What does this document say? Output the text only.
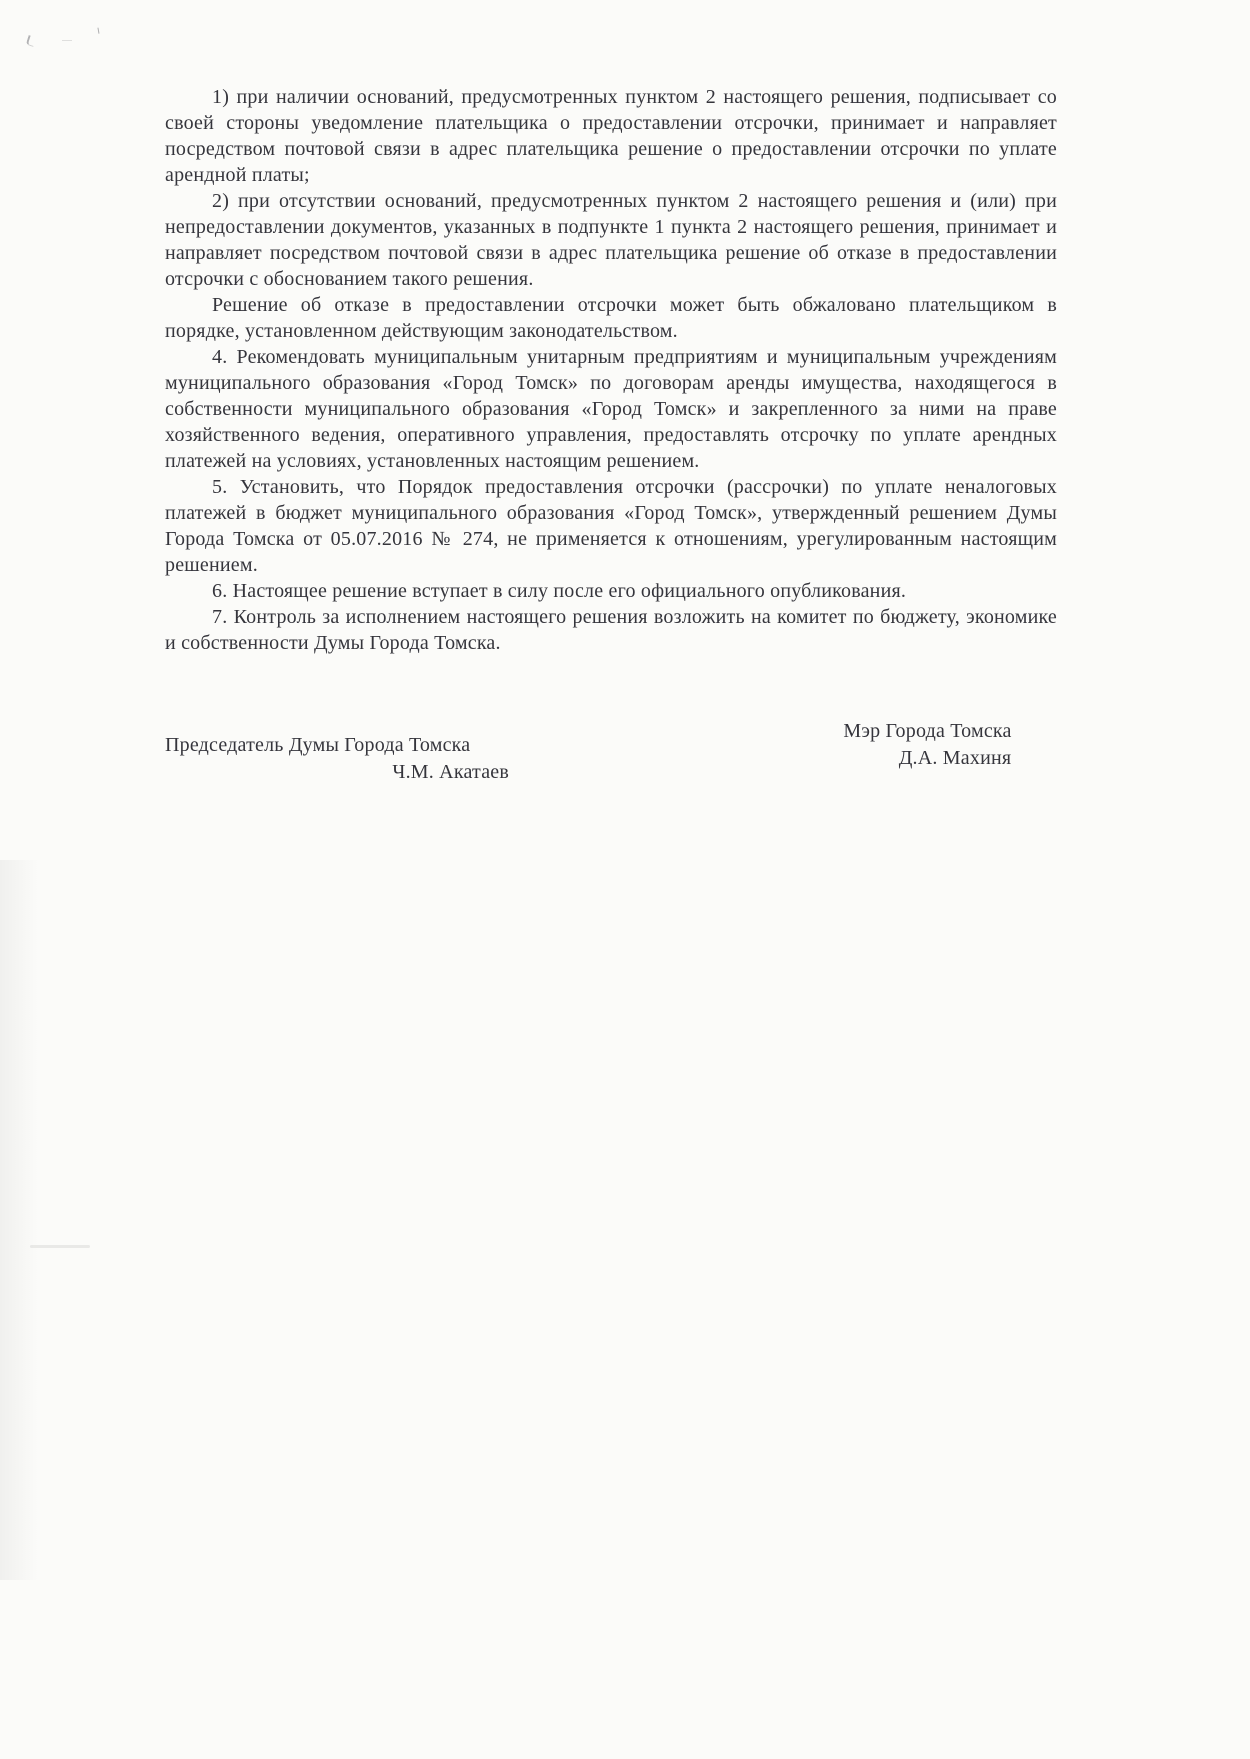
1) при наличии оснований, предусмотренных пунктом 2 настоящего решения, подписывает со своей стороны уведомление плательщика о предоставлении отсрочки, принимает и направляет посредством почтовой связи в адрес плательщика решение о предоставлении отсрочки по уплате арендной платы;

2) при отсутствии оснований, предусмотренных пунктом 2 настоящего решения и (или) при непредоставлении документов, указанных в подпункте 1 пункта 2 настоящего решения, принимает и направляет посредством почтовой связи в адрес плательщика решение об отказе в предоставлении отсрочки с обоснованием такого решения.

Решение об отказе в предоставлении отсрочки может быть обжаловано плательщиком в порядке, установленном действующим законодательством.

4. Рекомендовать муниципальным унитарным предприятиям и муниципальным учреждениям муниципального образования «Город Томск» по договорам аренды имущества, находящегося в собственности муниципального образования «Город Томск» и закрепленного за ними на праве хозяйственного ведения, оперативного управления, предоставлять отсрочку по уплате арендных платежей на условиях, установленных настоящим решением.

5. Установить, что Порядок предоставления отсрочки (рассрочки) по уплате неналоговых платежей в бюджет муниципального образования «Город Томск», утвержденный решением Думы Города Томска от 05.07.2016 № 274, не применяется к отношениям, урегулированным настоящим решением.

6. Настоящее решение вступает в силу после его официального опубликования.

7. Контроль за исполнением настоящего решения возложить на комитет по бюджету, экономике и собственности Думы Города Томска.

Председатель Думы Города Томска
Ч.М. Акатаев
Мэр Города Томска
Д.А. Махиня
